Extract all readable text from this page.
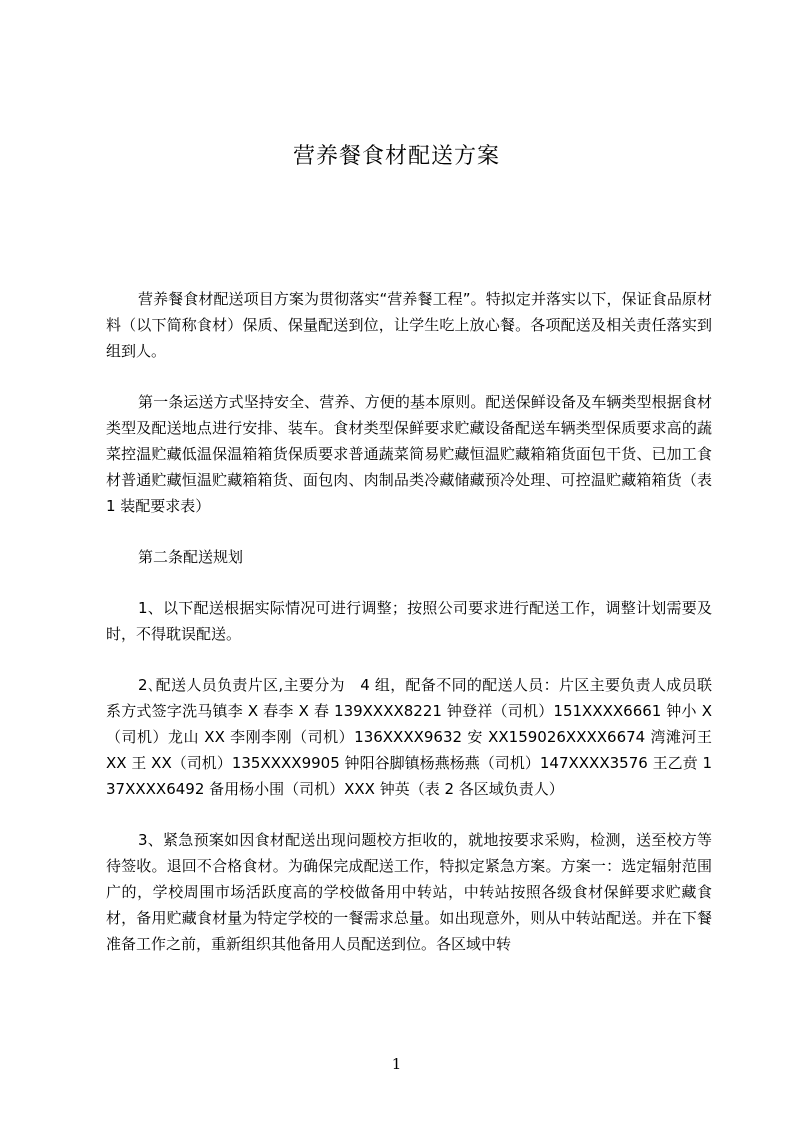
营养餐食材配送方案

营养餐食材配送项目方案为贯彻落实“营养餐工程”。特拟定并落实以下，保证食品原材料（以下简称食材）保质、保量配送到位，让学生吃上放心餐。各项配送及相关责任落实到组到人。

第一条运送方式坚持安全、营养、方便的基本原则。配送保鲜设备及车辆类型根据食材类型及配送地点进行安排、装车。食材类型保鲜要求贮藏设备配送车辆类型保质要求高的蔬菜控温贮藏低温保温箱箱货保质要求普通蔬菜简易贮藏恒温贮藏箱箱货面包干货、已加工食材普通贮藏恒温贮藏箱箱货、面包肉、肉制品类冷藏储藏预冷处理、可控温贮藏箱箱货（表 1 装配要求表）

第二条配送规划

1、以下配送根据实际情况可进行调整；按照公司要求进行配送工作，调整计划需要及时，不得耽误配送。

2､配送人员负责片区,主要分为　4 组，配备不同的配送人员：片区主要负责人成员联系方式签字洗马镇李 X 春李 X 春 139XXXX8221 钟登祥（司机）151XXXX6661 钟小 X（司机）龙山 XX 李刚李刚（司机）136XXXX9632 安 XX159026XXXX6674 湾滩河王 XX 王 XX（司机）135XXXX9905 钟阳谷脚镇杨燕杨燕（司机）147XXXX3576 王乙贲 137XXXX6492 备用杨小围（司机）XXX 钟英（表 2 各区域负责人）

3、紧急预案如因食材配送出现问题校方拒收的，就地按要求采购，检测，送至校方等待签收。退回不合格食材。为确保完成配送工作，特拟定紧急方案。方案一：选定辐射范围广的，学校周围市场活跃度高的学校做备用中转站，中转站按照各级食材保鲜要求贮藏食材，备用贮藏食材量为特定学校的一餐需求总量。如出现意外，则从中转站配送。并在下餐准备工作之前，重新组织其他备用人员配送到位。各区域中转

1
